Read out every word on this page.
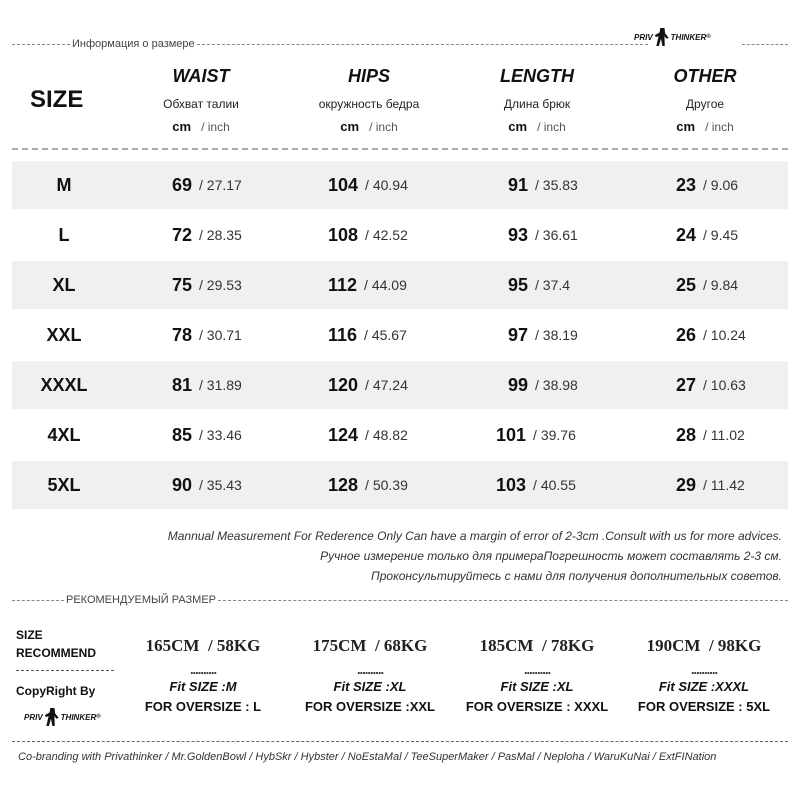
Информация о размере
PRIV THINKER ®
SIZE
WAIST
Обхват талии
cm / inch
HIPS
окружность бедра
cm / inch
LENGTH
Длина брюк
cm / inch
OTHER
Другое
cm / inch
M	69 / 27.17	104 / 40.94	91 / 35.83	23 / 9.06
L	72 / 28.35	108 / 42.52	93 / 36.61	24 / 9.45
XL	75 / 29.53	112 / 44.09	95 / 37.4	25 / 9.84
XXL	78 / 30.71	116 / 45.67	97 / 38.19	26 / 10.24
XXXL	81 / 31.89	120 / 47.24	99 / 38.98	27 / 10.63
4XL	85 / 33.46	124 / 48.82	101 / 39.76	28 / 11.02
5XL	90 / 35.43	128 / 50.39	103 / 40.55	29 / 11.42
Mannual Measurement For Rederence Only Can have a margin of error of 2-3cm .Consult with us for more advices.
Ручное измерение только для примераПогрешность может составлять 2-3 см.
Проконсультируйтесь с нами для получения дополнительных советов.
РЕКОМЕНДУЕМЫЙ РАЗМЕР
SIZE
RECOMMEND
CopyRight By
PRIV THINKER ®
165CM / 58KG
..........
Fit SIZE :M
FOR OVERSIZE : L
175CM / 68KG
..........
Fit SIZE :XL
FOR OVERSIZE :XXL
185CM / 78KG
..........
Fit SIZE :XL
FOR OVERSIZE : XXXL
190CM / 98KG
..........
Fit SIZE :XXXL
FOR OVERSIZE : 5XL
Co-branding with Privathinker / Mr.GoldenBowl / HybSkr / Hybster / NoEstaMal / TeeSuperMaker / PasMal / Neploha / WaruKuNai / ExtFINation
